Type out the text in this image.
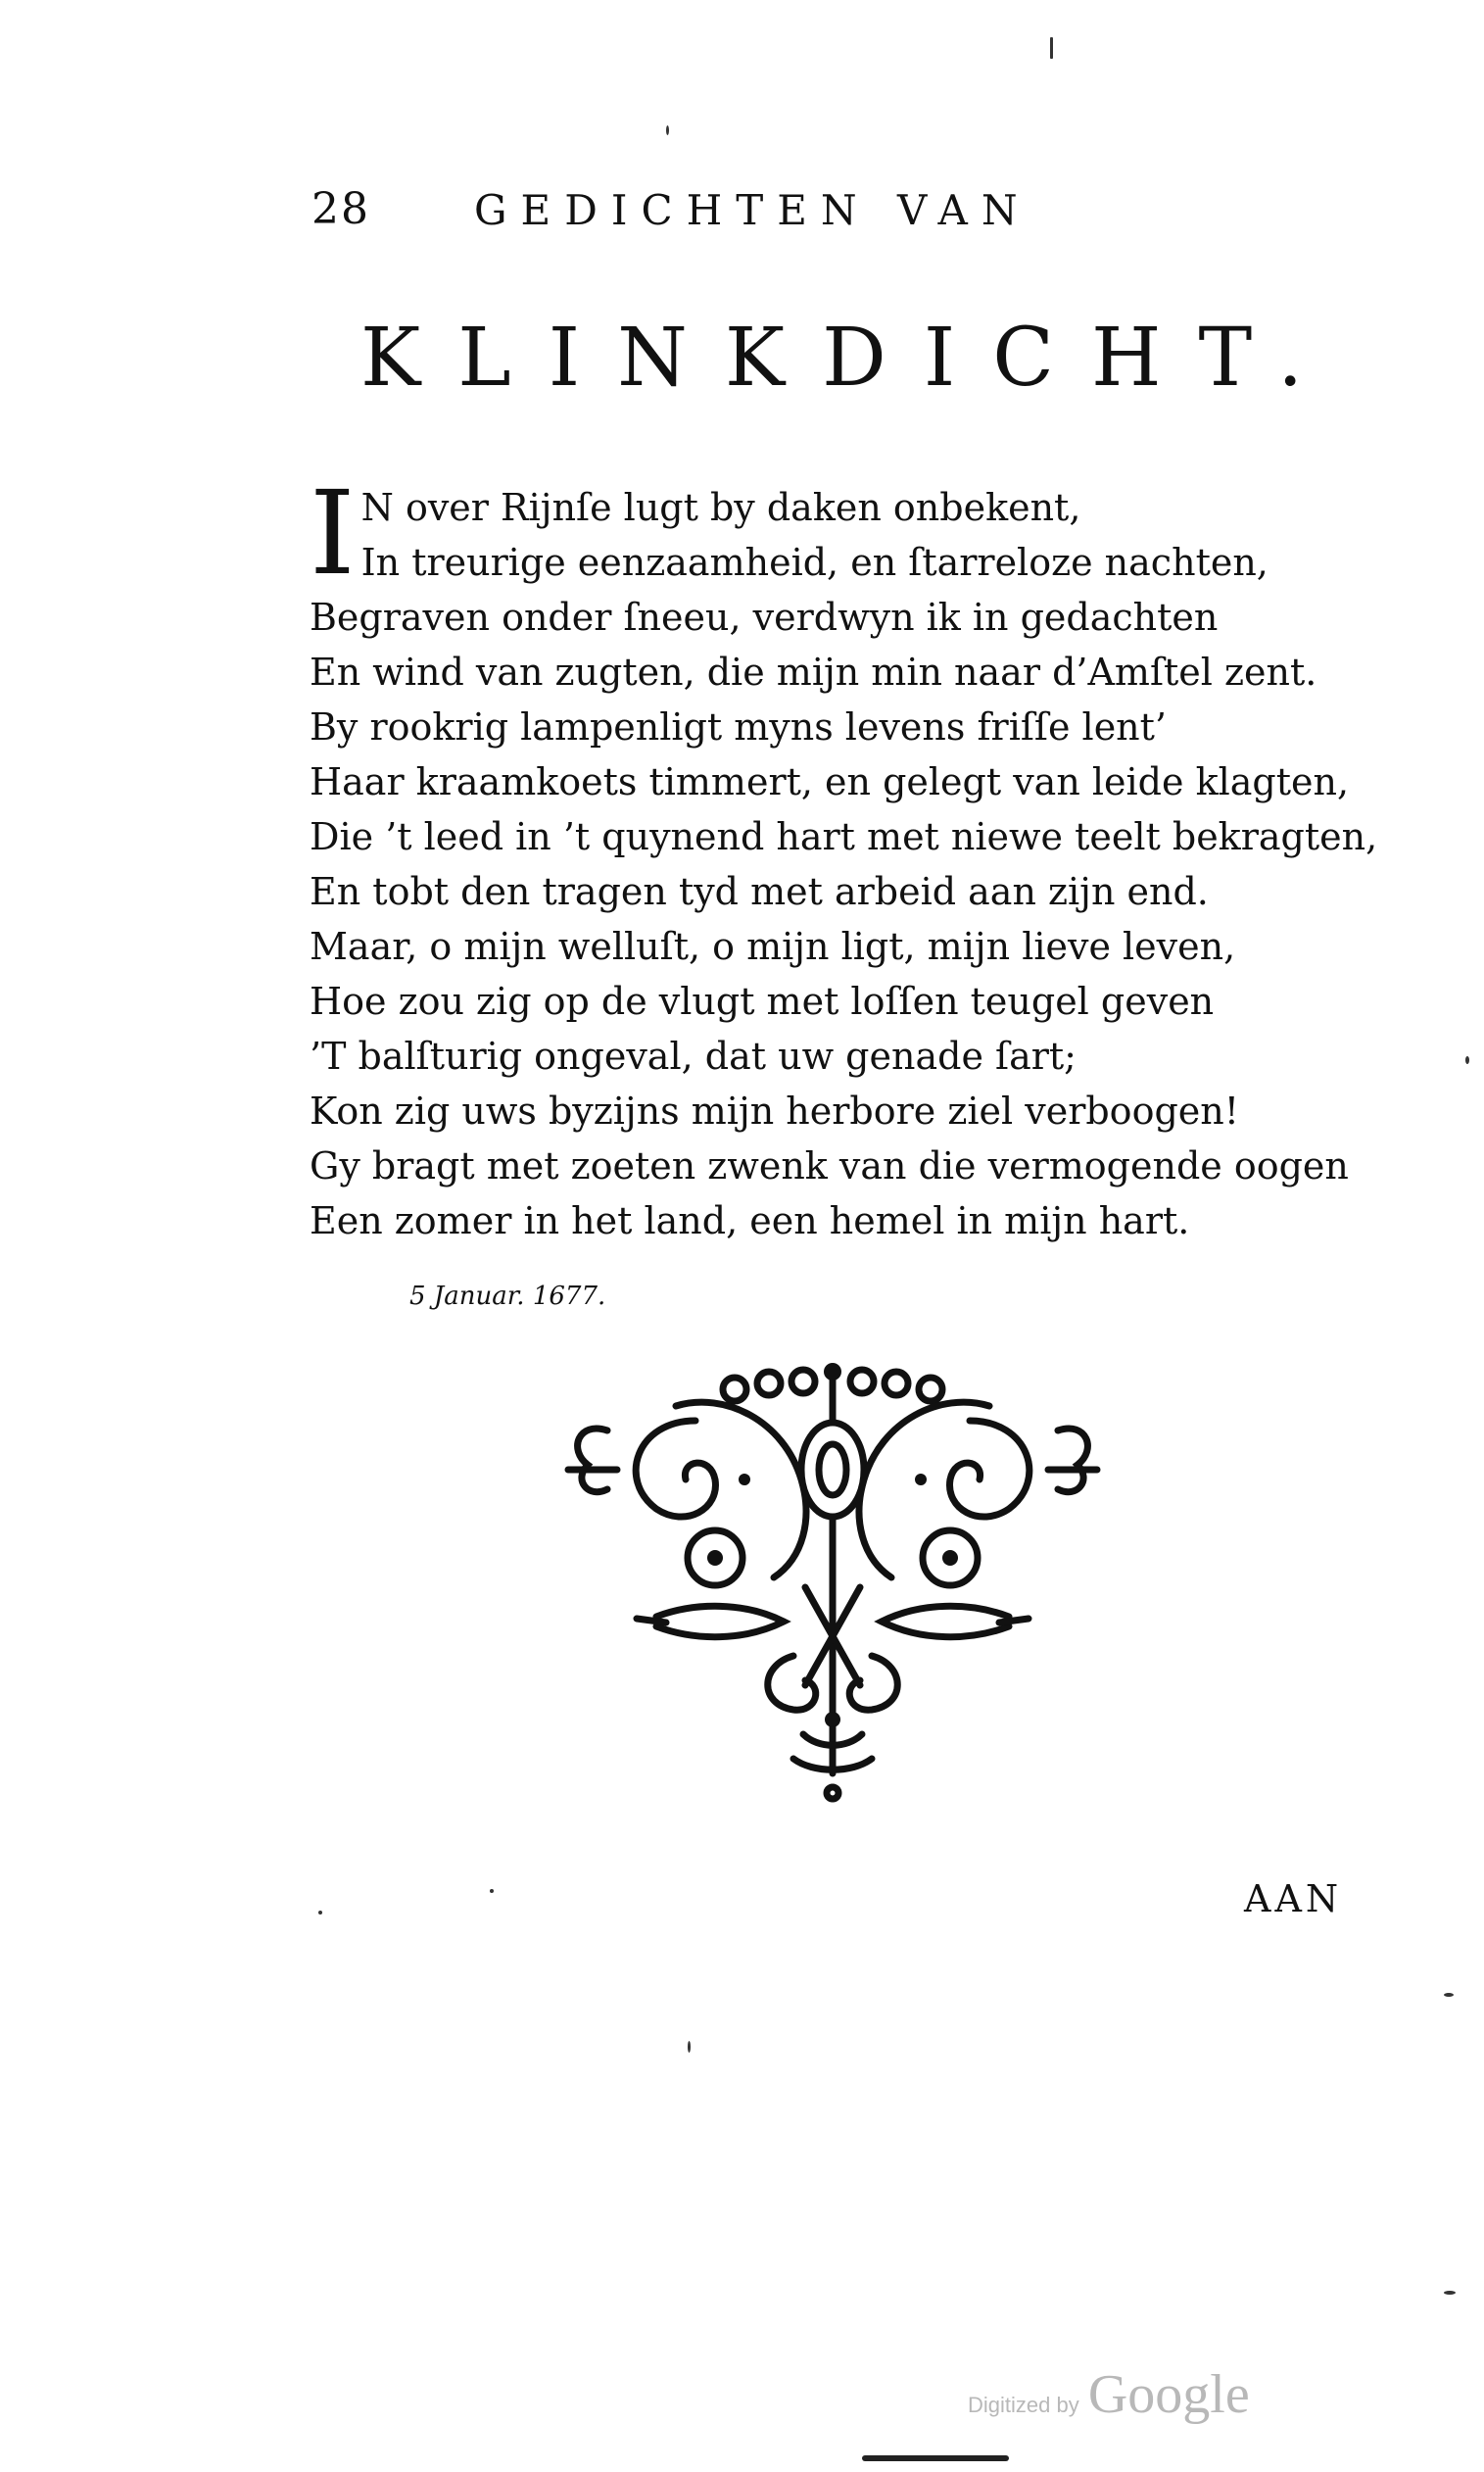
28	GEDICHTEN VAN
KLINKDICHT.
I N over Rijnſe lugt by daken onbekent,
In treurige eenzaamheid, en ſtarreloze nachten,
Begraven onder ſneeu, verdwyn ik in gedachten
En wind van zugten, die mijn min naar d’Amſtel zent.
By rookrig lampenligt myns levens friſſe lent’
Haar kraamkoets timmert, en gelegt van leide klagten,
Die ’t leed in ’t quynend hart met niewe teelt bekragten,
En tobt den tragen tyd met arbeid aan zijn end.
Maar, o mijn welluſt, o mijn ligt, mijn lieve leven,
Hoe zou zig op de vlugt met loſſen teugel geven
’T balſturig ongeval, dat uw genade ſart;
Kon zig uws byzijns mijn herbore ziel verboogen!
Gy bragt met zoeten zwenk van die vermogende oogen
Een zomer in het land, een hemel in mijn hart.
5 Januar. 1677.
AAN
Digitized by Google
